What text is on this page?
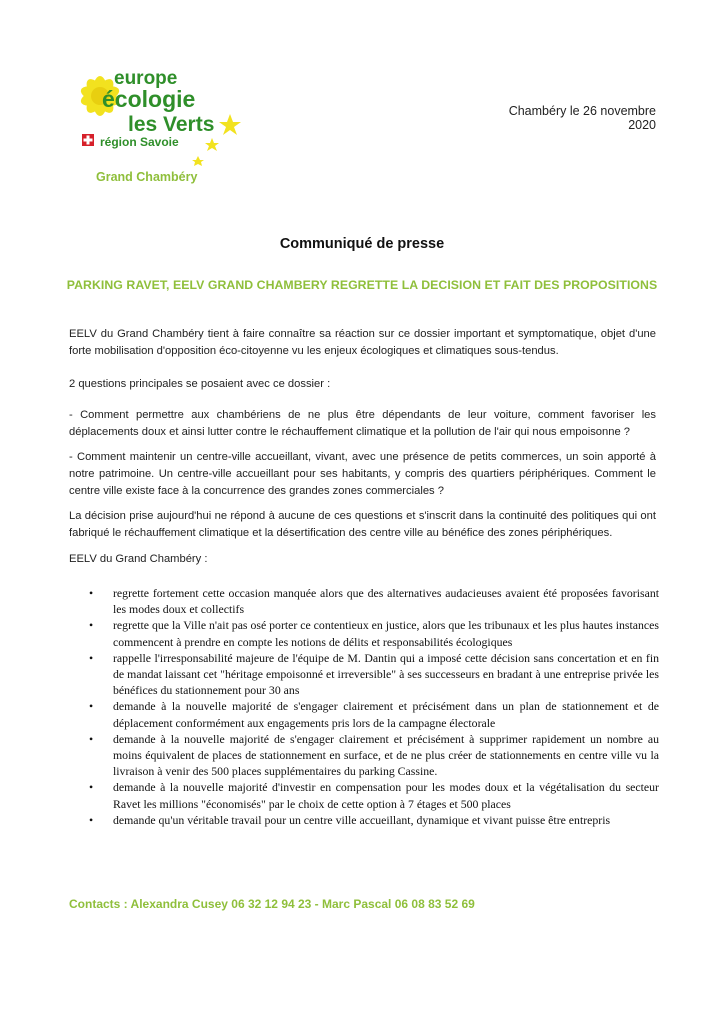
europe
écologie
les Verts
région Savoie
Grand Chambéry
Chambéry le 26 novembre 2020
Communiqué de presse
PARKING RAVET, EELV GRAND CHAMBERY REGRETTE LA DECISION ET FAIT DES PROPOSITIONS

EELV du Grand Chambéry tient à faire connaître sa réaction sur ce dossier important et symptomatique, objet d'une forte mobilisation d'opposition éco-citoyenne vu les enjeux écologiques et climatiques sous-tendus.

2 questions principales se posaient avec ce dossier :

- Comment permettre aux chambériens de ne plus être dépendants de leur voiture, comment favoriser les déplacements doux et ainsi lutter contre le réchauffement climatique et la pollution de l'air qui nous empoisonne ?

- Comment maintenir un centre-ville accueillant, vivant, avec une présence de petits commerces, un soin apporté à notre patrimoine. Un centre-ville accueillant pour ses habitants, y compris des quartiers périphériques. Comment le centre ville existe face à la concurrence des grandes zones commerciales ?

La décision prise aujourd'hui ne répond à aucune de ces questions et s'inscrit dans la continuité des politiques qui ont fabriqué le réchauffement climatique et la désertification des centre ville au bénéfice des zones périphériques.

EELV du Grand Chambéry :

• regrette fortement cette occasion manquée alors que des alternatives audacieuses avaient été proposées favorisant les modes doux et collectifs
• regrette que la Ville n'ait pas osé porter ce contentieux en justice, alors que les tribunaux et les plus hautes instances commencent à prendre en compte les notions de délits et responsabilités écologiques
• rappelle l'irresponsabilité majeure de l'équipe de M. Dantin qui a imposé cette décision sans concertation et en fin de mandat laissant cet "héritage empoisonné et irreversible" à ses successeurs en bradant à une entreprise privée les bénéfices du stationnement pour 30 ans
• demande à la nouvelle majorité de s'engager clairement et précisément dans un plan de stationnement et de déplacement conformément aux engagements pris lors de la campagne électorale
• demande à la nouvelle majorité de s'engager clairement et précisément à supprimer rapidement un nombre au moins équivalent de places de stationnement en surface, et de ne plus créer de stationnements en centre ville vu la livraison à venir des 500 places supplémentaires du parking Cassine.
• demande à la nouvelle majorité d'investir en compensation pour les modes doux et la végétalisation du secteur Ravet les millions "économisés" par le choix de cette option à 7 étages et 500 places
• demande qu'un véritable travail pour un centre ville accueillant, dynamique et vivant puisse être entrepris
Contacts : Alexandra Cusey 06 32 12 94 23 - Marc Pascal 06 08 83 52 69
